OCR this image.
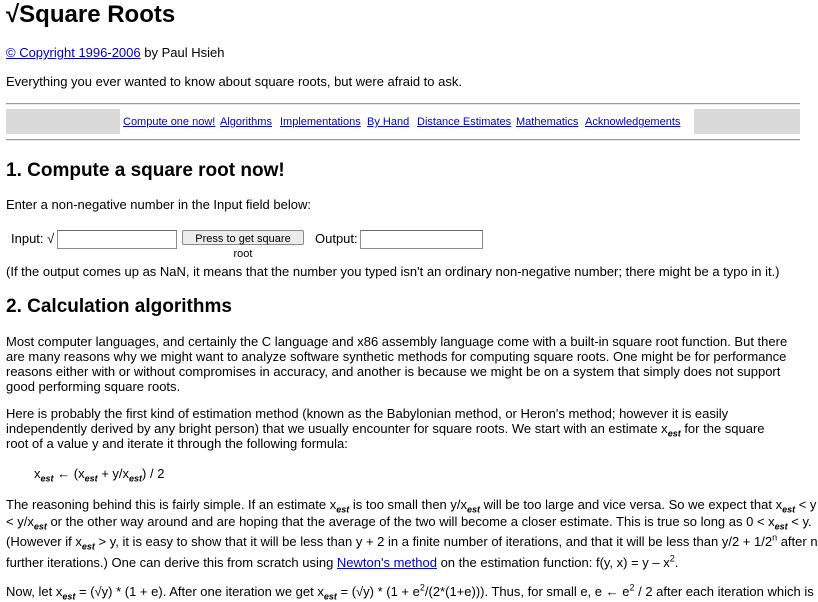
√Square Roots
© Copyright 1996-2006 by Paul Hsieh
Everything you ever wanted to know about square roots, but were afraid to ask.
Compute one now! Algorithms Implementations By Hand Distance Estimates Mathematics Acknowledgements
1. Compute a square root now!

Enter a non-negative number in the Input field below:

Input: √	Press to get square root
Output:

(If the output comes up as NaN, it means that the number you typed isn't an ordinary non-negative number; there might be a typo in it.)

2. Calculation algorithms

Most computer languages, and certainly the C language and x86 assembly language come with a built-in square root function. But there are many reasons why we might want to analyze software synthetic methods for computing square roots. One might be for performance reasons either with or without compromises in accuracy, and another is because we might be on a system that simply does not support good performing square roots.

Here is probably the first kind of estimation method (known as the Babylonian method, or Heron's method; however it is easily independently derived by any bright person) that we usually encounter for square roots. We start with an estimate $x_{est}$ for the square root of a value y and iterate it through the following formula:

$x_{est}$ ← $(x_{est} + y/x_{est}) / 2$
The reasoning behind this is fairly simple. If an estimate $x_{est}$ is too small then $y/x_{est}$ will be too large and vice versa. So we expect that $x_{est} < y$
< $y/x_{est}$ or the other way around and are hoping that the average of the two will become a closer estimate. This is true so long as $0 < x_{est} < y$.
(However if $x_{est} > y$, it is easy to show that it will be less than y + 2 in a finite number of iterations, and that it will be less than $y/2 + 1/2^n$ after n
further iterations.) One can derive this from scratch using Newton's method on the estimation function: f(y, $x) = y - x^2$.
Now, let $x_{est} = (√y) * (1 + e)$. After one iteration we get $x_{est} = (√y) * (1 + e^2/(2*(1+e)))$. Thus, for small e, e ← $e^2 / 2$ after each iteration which is
